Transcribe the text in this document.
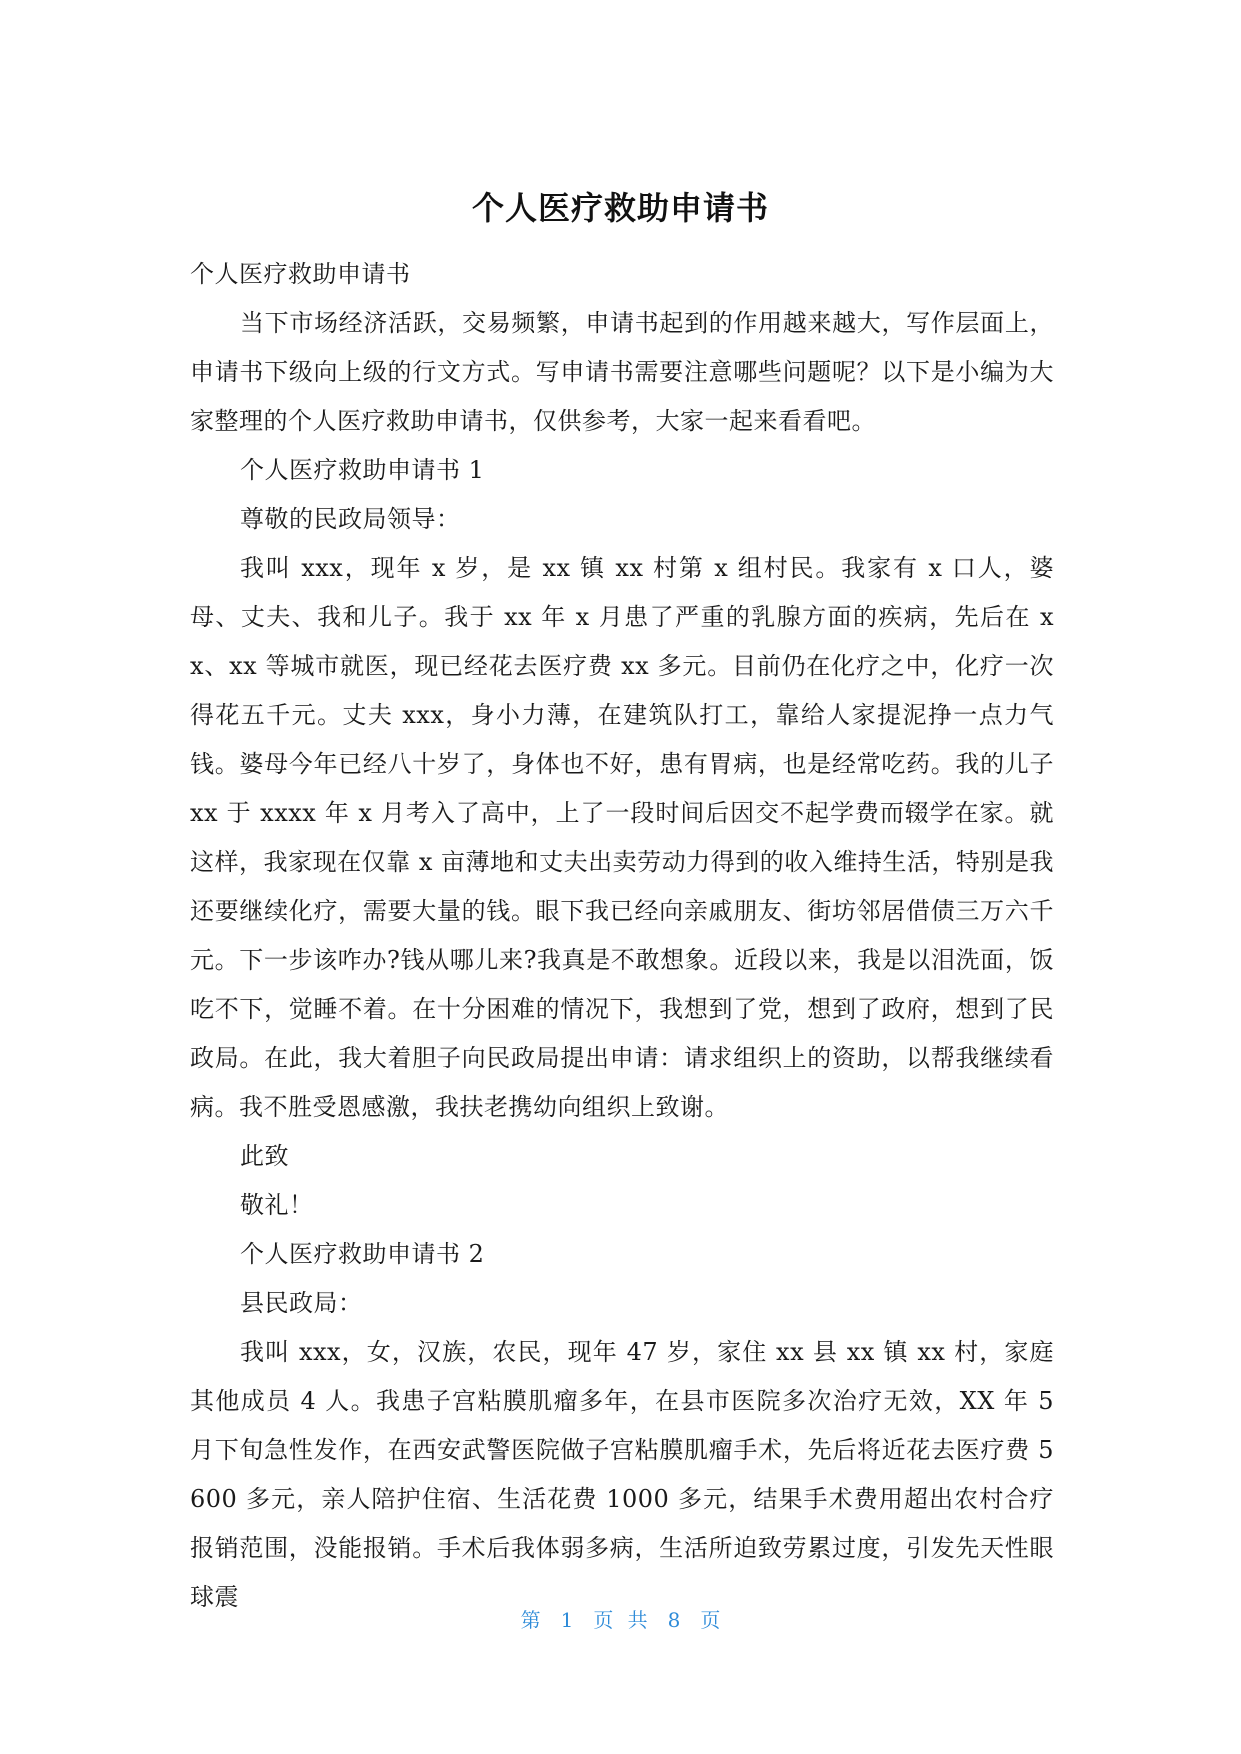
个人医疗救助申请书

个人医疗救助申请书

当下市场经济活跃，交易频繁，申请书起到的作用越来越大，写作层面上，申请书下级向上级的行文方式。写申请书需要注意哪些问题呢？以下是小编为大家整理的个人医疗救助申请书，仅供参考，大家一起来看看吧。

个人医疗救助申请书 1

尊敬的民政局领导：

我叫 xxx，现年 x 岁，是 xx 镇 xx 村第 x 组村民。我家有 x 口人，婆母、丈夫、我和儿子。我于 xx 年 x 月患了严重的乳腺方面的疾病，先后在 xx、xx 等城市就医，现已经花去医疗费 xx 多元。目前仍在化疗之中，化疗一次得花五千元。丈夫 xxx，身小力薄，在建筑队打工，靠给人家提泥挣一点力气钱。婆母今年已经八十岁了，身体也不好，患有胃病，也是经常吃药。我的儿子 xx 于 xxxx 年 x 月考入了高中，上了一段时间后因交不起学费而辍学在家。就这样，我家现在仅靠 x 亩薄地和丈夫出卖劳动力得到的收入维持生活，特别是我还要继续化疗，需要大量的钱。眼下我已经向亲戚朋友、街坊邻居借债三万六千元。下一步该咋办?钱从哪儿来?我真是不敢想象。近段以来，我是以泪洗面，饭吃不下，觉睡不着。在十分困难的情况下，我想到了党，想到了政府，想到了民政局。在此，我大着胆子向民政局提出申请：请求组织上的资助，以帮我继续看病。我不胜受恩感激，我扶老携幼向组织上致谢。

此致

敬礼！

个人医疗救助申请书 2

县民政局：

我叫 xxx，女，汉族，农民，现年 47 岁，家住 xx 县 xx 镇 xx 村，家庭其他成员 4 人。我患子宫粘膜肌瘤多年，在县市医院多次治疗无效，XX 年 5 月下旬急性发作，在西安武警医院做子宫粘膜肌瘤手术，先后将近花去医疗费 5600 多元，亲人陪护住宿、生活花费 1000 多元，结果手术费用超出农村合疗报销范围，没能报销。手术后我体弱多病，生活所迫致劳累过度，引发先天性眼球震

第 1 页 共 8 页
